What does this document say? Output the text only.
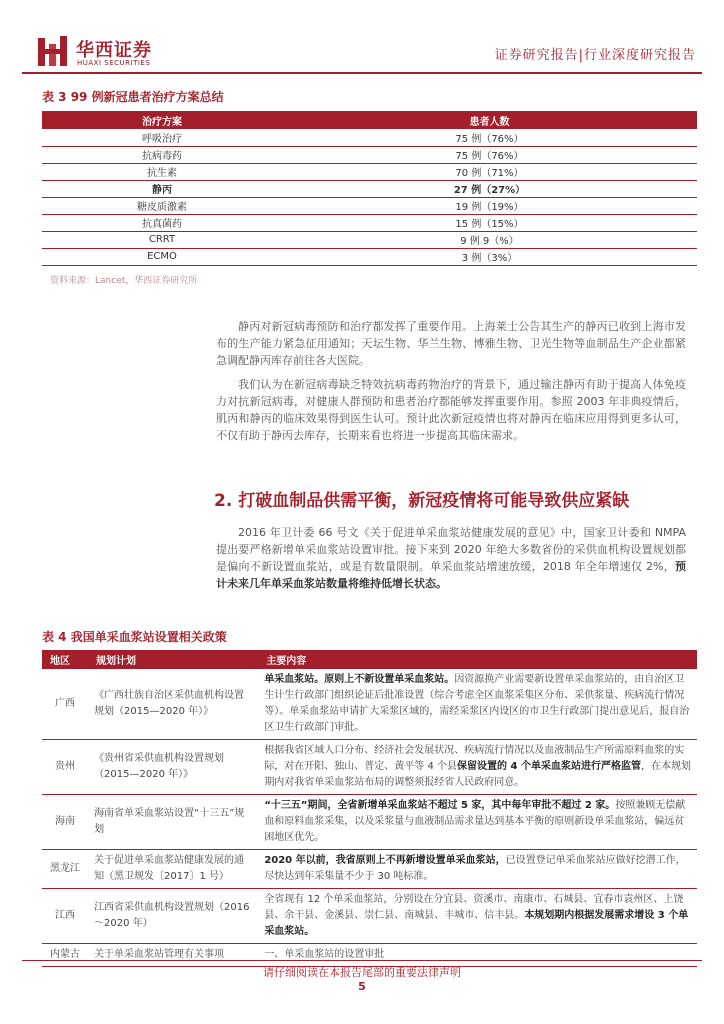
华西证券
HUAXI SECURITIES	证券研究报告|行业深度研究报告
表 3 99 例新冠患者治疗方案总结
治疗方案	患者人数
呼吸治疗	75 例（76%）
抗病毒药	75 例（76%）
抗生素	70 例（71%）
静丙	27 例（27%）
糖皮质激素	19 例（19%）
抗真菌药	15 例（15%）
CRRT	9 例 9（%）
ECMO	3 例（3%）
资料来源：Lancet，华西证券研究所

静丙对新冠病毒预防和治疗都发挥了重要作用。上海莱士公告其生产的静丙已收到上海市发布的生产能力紧急征用通知；天坛生物、华兰生物、博雅生物、卫光生物等血制品生产企业都紧急调配静丙库存前往各大医院。

我们认为在新冠病毒缺乏特效抗病毒药物治疗的背景下，通过输注静丙有助于提高人体免疫力对抗新冠病毒，对健康人群预防和患者治疗都能够发挥重要作用。参照 2003 年非典疫情后，肌丙和静丙的临床效果得到医生认可。预计此次新冠疫情也将对静丙在临床应用得到更多认可，不仅有助于静丙去库存，长期来看也将进一步提高其临床需求。

2. 打破血制品供需平衡，新冠疫情将可能导致供应紧缺

2016 年卫计委 66 号文《关于促进单采血浆站健康发展的意见》中，国家卫计委和 NMPA 提出要严格新增单采血浆站设置审批。接下来到 2020 年绝大多数省份的采供血机构设置规划都是偏向不新设置血浆站，或是有数量限制。单采血浆站增速放缓，2018 年全年增速仅 2%，预计未来几年单采血浆站数量将维持低增长状态。

表 4 我国单采血浆站设置相关政策
地区	规划计划	主要内容
广西	《广西壮族自治区采供血机构设置规划（2015—2020 年）》	单采血浆站。原则上不新设置单采血浆站。因资源换产业需要新设置单采血浆站的，由自治区卫生计生行政部门组织论证后批准设置（综合考虑全区血浆采集区分布、采供浆量、疾病流行情况等）。单采血浆站申请扩大采浆区域的，需经采浆区内设区的市卫生行政部门提出意见后，报自治区卫生行政部门审批。
贵州	《贵州省采供血机构设置规划（2015—2020 年）》	根据我省区域人口分布、经济社会发展状况、疾病流行情况以及血液制品生产所需原料血浆的实际，对在开阳、独山、普定、黄平等 4 个县保留设置的 4 个单采血浆站进行严格监管，在本规划期内对我省单采血浆站布局的调整须报经省人民政府同意。
海南	海南省单采血浆站设置“十三五”规划	“十三五”期间，全省新增单采血浆站不超过 5 家，其中每年审批不超过 2 家。按照兼顾无偿献血和原料血浆采集，以及采浆量与血液制品需求量达到基本平衡的原则新设单采血浆站，偏远贫困地区优先。
黑龙江	关于促进单采血浆站健康发展的通知（黑卫规发〔2017〕1 号）	2020 年以前，我省原则上不再新增设置单采血浆站，已设置登记单采血浆站应做好挖潜工作，尽快达到年采集量不少于 30 吨标准。
江西	江西省采供血机构设置规划（2016～2020 年）	全省现有 12 个单采血浆站，分别设在分宜县、资溪市、南康市、石城县、宜春市袁州区、上饶县、余干县、金溪县、崇仁县、南城县、丰城市、信丰县。本规划期内根据发展需求增设 3 个单采血浆站。
内蒙古	关于单采血浆站管理有关事项	一、单采血浆站的设置审批
请仔细阅读在本报告尾部的重要法律声明
5
